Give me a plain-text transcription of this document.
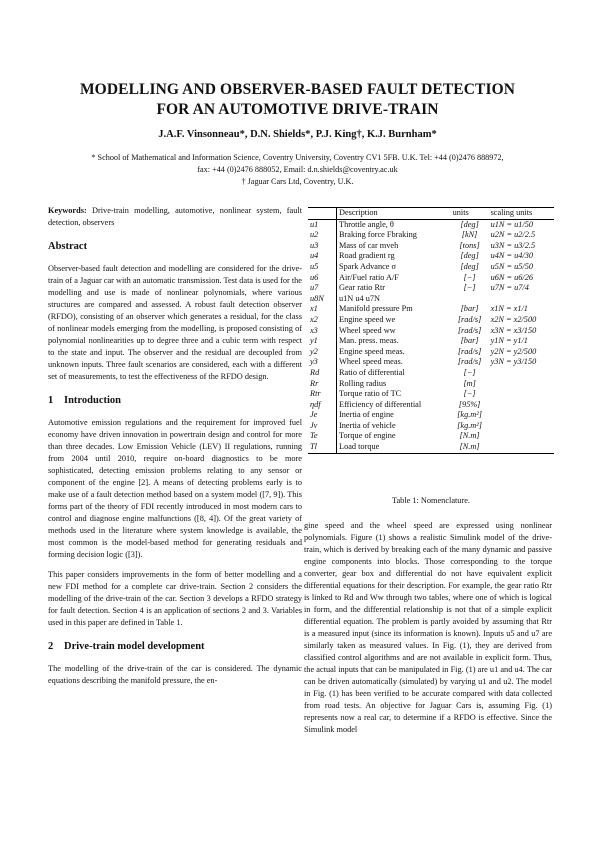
MODELLING AND OBSERVER-BASED FAULT DETECTION
FOR AN AUTOMOTIVE DRIVE-TRAIN
J.A.F. Vinsonneau*, D.N. Shields*, P.J. King†, K.J. Burnham*
* School of Mathematical and Information Science, Coventry University, Coventry CV1 5FB. U.K. Tel: +44 (0)2476 888972,
fax: +44 (0)2476 888052, Email: d.n.shields@coventry.ac.uk
† Jaguar Cars Ltd, Coventry, U.K.

Keywords: Drive-train modelling, automotive, nonlinear system, fault detection, observers

Abstract

Observer-based fault detection and modelling are considered for the drive-train of a Jaguar car with an automatic transmission. Test data is used for the modelling and use is made of nonlinear polynomials, where various structures are compared and assessed. A robust fault detection observer (RFDO), consisting of an observer which generates a residual, for the class of nonlinear models emerging from the modelling, is proposed consisting of polynomial nonlinearities up to degree three and a cubic term with respect to the state and input. The observer and the residual are decoupled from unknown inputs. Three fault scenarios are considered, each with a different set of measurements, to test the effectiveness of the RFDO design.

1 Introduction

Automotive emission regulations and the requirement for improved fuel economy have driven innovation in powertrain design and control for more than three decades. Low Emission Vehicle (LEV) II regulations, running from 2004 until 2010, require on-board diagnostics to be more sophisticated, detecting emission problems relating to any sensor or component of the engine [2]. A means of detecting problems early is to make use of a fault detection method based on a system model ([7, 9]). This forms part of the theory of FDI recently introduced in most modern cars to control and diagnose engine malfunctions ([8, 4]). Of the great variety of methods used in the literature where system knowledge is available, the most common is the model-based method for generating residuals and forming decision logic ([3]).

This paper considers improvements in the form of better modelling and a new FDI method for a complete car drive-train. Section 2 considers the modelling of the drive-train of the car. Section 3 develops a RFDO strategy for fault detection. Section 4 is an application of sections 2 and 3. Variables used in this paper are defined in Table 1.

2 Drive-train model development

The modelling of the drive-train of the car is considered. The dynamic equations describing the manifold pressure, the en-

	Description	units	scaling units
u1	Throttle angle, θ	[deg]	u1N = u1/50
u2	Braking force Fbraking	[kN]	u2N = u2/2.5
u3	Mass of car mveh	[tons]	u3N = u3/2.5
u4	Road gradient rg	[deg]	u4N = u4/30
u5	Spark Advance σ	[deg]	u5N = u5/50
u6	Air/Fuel ratio A/F	[−]	u6N = u6/26
u7	Gear ratio Rtr	[−]	u7N = u7/4
u8N	u1N u4 u7N		
x1	Manifold pressure Pm	[bar]	x1N = x1/1
x2	Engine speed we	[rad/s]	x2N = x2/500
x3	Wheel speed ww	[rad/s]	x3N = x3/150
y1	Man. press. meas.	[bar]	y1N = y1/1
y2	Engine speed meas.	[rad/s]	y2N = y2/500
y3	Wheel speed meas.	[rad/s]	y3N = y3/150
Rd	Ratio of differential	[−]	
Rr	Rolling radius	[m]	
Rtr	Torque ratio of TC	[−]	
ηdf	Efficiency of differential	[95%]	
Je	Inertia of engine	[kg.m²]	
Jv	Inertia of vehicle	[kg.m²]	
Te	Torque of engine	[N.m]	
Tl	Load torque	[N.m]	
Table 1: Nomenclature.

gine speed and the wheel speed are expressed using nonlinear polynomials. Figure (1) shows a realistic Simulink model of the drive-train, which is derived by breaking each of the many dynamic and passive engine components into blocks. Those corresponding to the torque converter, gear box and differential do not have equivalent explicit differential equations for their description. For example, the gear ratio Rtr is linked to Rd and Ww through two tables, where one of which is logical in form, and the differential relationship is not that of a simple explicit differential equation. The problem is partly avoided by assuming that Rtr is a measured input (since its information is known). Inputs u5 and u7 are similarly taken as measured values. In Fig. (1), they are derived from classified control algorithms and are not available in explicit form. Thus, the actual inputs that can be manipulated in Fig. (1) are u1 and u4. The car can be driven automatically (simulated) by varying u1 and u2. The model in Fig. (1) has been verified to be accurate compared with data collected from road tests. An objective for Jaguar Cars is, assuming Fig. (1) represents now a real car, to determine if a RFDO is effective. Since the Simulink model
